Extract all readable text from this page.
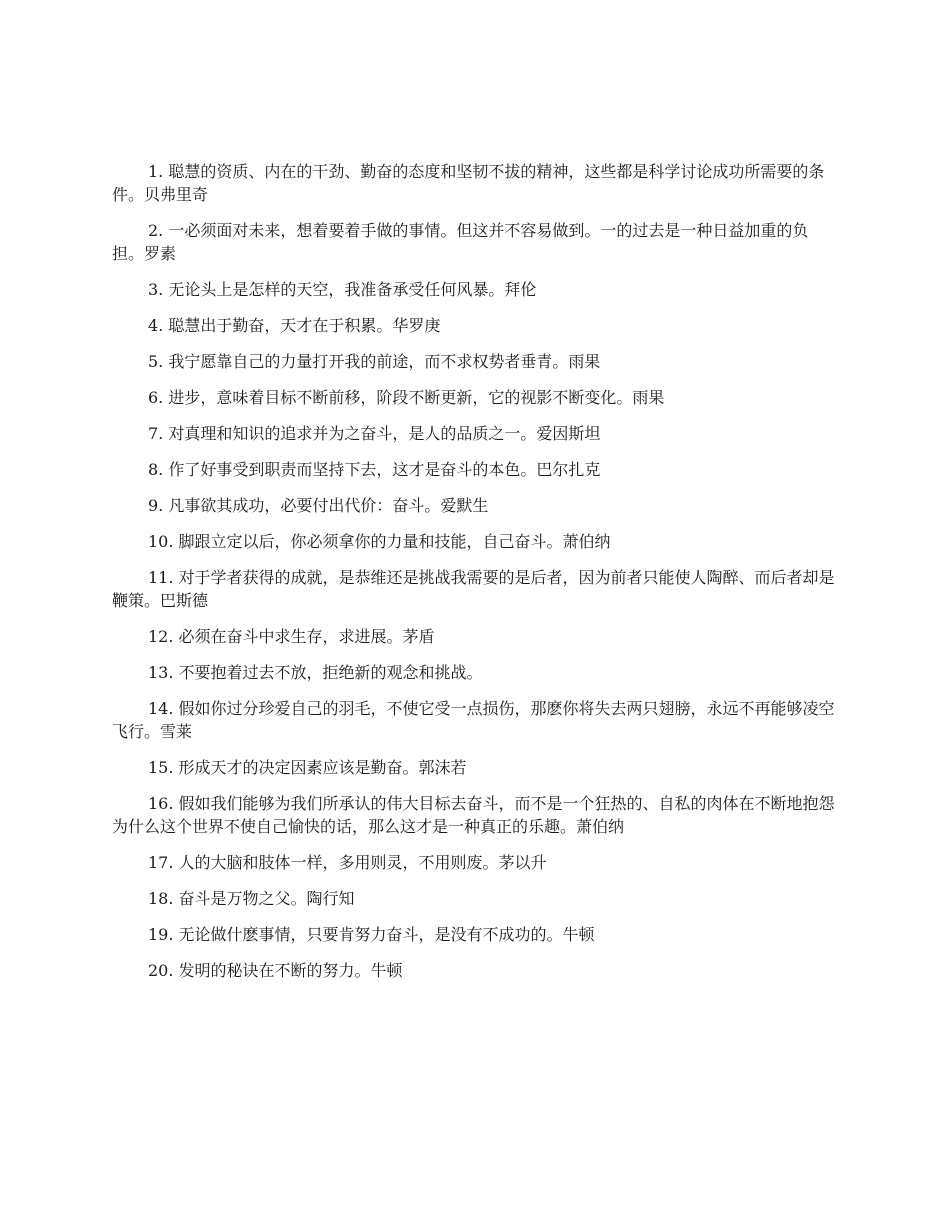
1. 聪慧的资质、内在的干劲、勤奋的态度和坚韧不拔的精神，这些都是科学讨论成功所需要的条件。贝弗里奇

2. 一必须面对未来，想着要着手做的事情。但这并不容易做到。一的过去是一种日益加重的负担。罗素

3. 无论头上是怎样的天空，我准备承受任何风暴。拜伦

4. 聪慧出于勤奋，天才在于积累。华罗庚

5. 我宁愿靠自己的力量打开我的前途，而不求权势者垂青。雨果

6. 进步，意味着目标不断前移，阶段不断更新，它的视影不断变化。雨果

7. 对真理和知识的追求并为之奋斗，是人的品质之一。爱因斯坦

8. 作了好事受到职责而坚持下去，这才是奋斗的本色。巴尔扎克

9. 凡事欲其成功，必要付出代价：奋斗。爱默生

10. 脚跟立定以后，你必须拿你的力量和技能，自己奋斗。萧伯纳

11. 对于学者获得的成就，是恭维还是挑战我需要的是后者，因为前者只能使人陶醉、而后者却是鞭策。巴斯德

12. 必须在奋斗中求生存，求进展。茅盾

13. 不要抱着过去不放，拒绝新的观念和挑战。

14. 假如你过分珍爱自己的羽毛，不使它受一点损伤，那麽你将失去两只翅膀，永远不再能够凌空飞行。雪莱

15. 形成天才的决定因素应该是勤奋。郭沫若

16. 假如我们能够为我们所承认的伟大目标去奋斗，而不是一个狂热的、自私的肉体在不断地抱怨为什么这个世界不使自己愉快的话，那么这才是一种真正的乐趣。萧伯纳

17. 人的大脑和肢体一样，多用则灵，不用则废。茅以升

18. 奋斗是万物之父。陶行知

19. 无论做什麽事情，只要肯努力奋斗，是没有不成功的。牛顿

20. 发明的秘诀在不断的努力。牛顿
